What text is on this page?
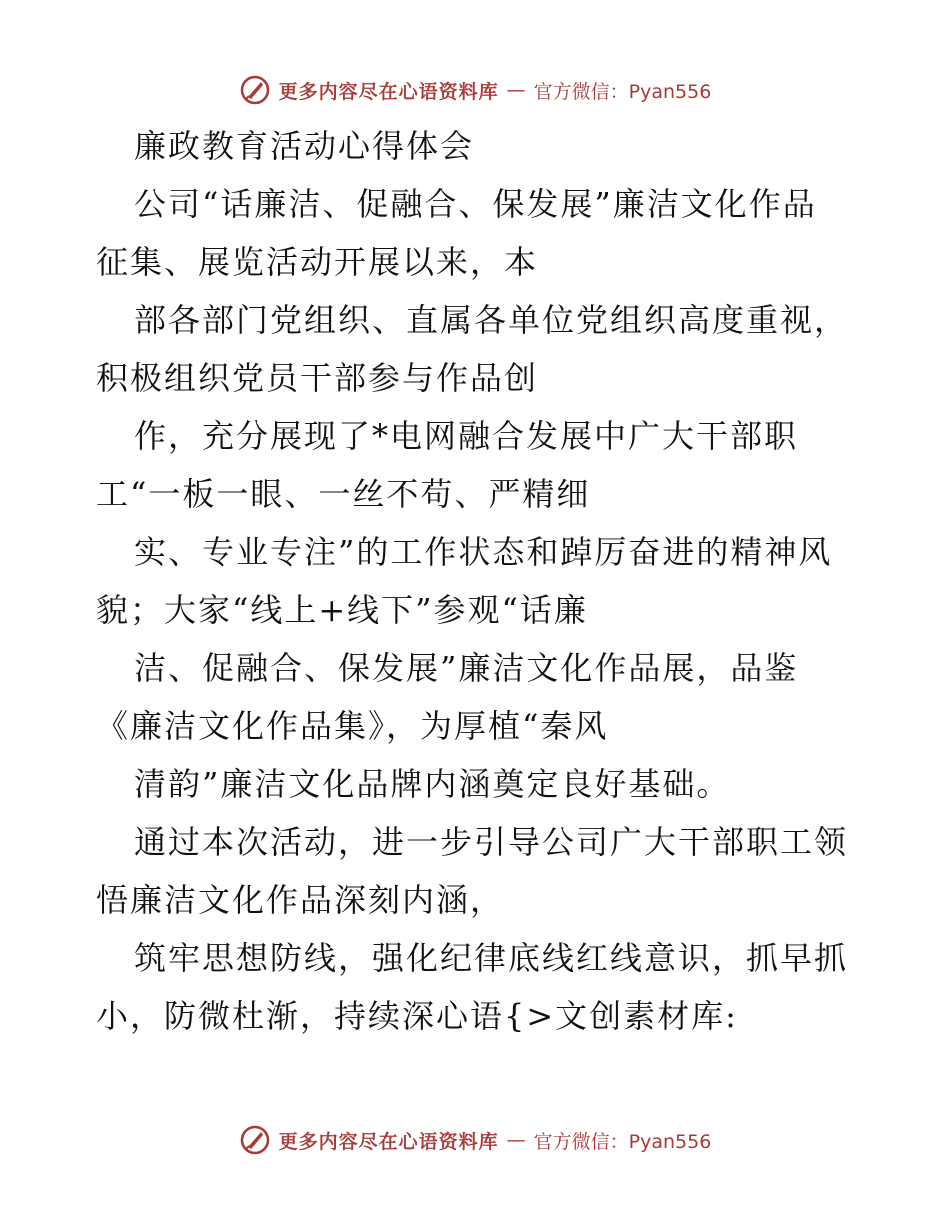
更多内容尽在心语资料库 — 官方微信：Pyan556
廉政教育活动心得体会
公司“话廉洁、促融合、保发展”廉洁文化作品
征集、展览活动开展以来，本
部各部门党组织、直属各单位党组织高度重视，
积极组织党员干部参与作品创
作，充分展现了*电网融合发展中广大干部职
工“一板一眼、一丝不苟、严精细
实、专业专注”的工作状态和踔厉奋进的精神风
貌；大家“线上+线下”参观“话廉
洁、促融合、保发展”廉洁文化作品展，品鉴
《廉洁文化作品集》，为厚植“秦风
清韵”廉洁文化品牌内涵奠定良好基础。
通过本次活动，进一步引导公司广大干部职工领
悟廉洁文化作品深刻内涵，
筑牢思想防线，强化纪律底线红线意识，抓早抓
小，防微杜渐，持续深心语{>文创素材库:
更多内容尽在心语资料库 — 官方微信：Pyan556
